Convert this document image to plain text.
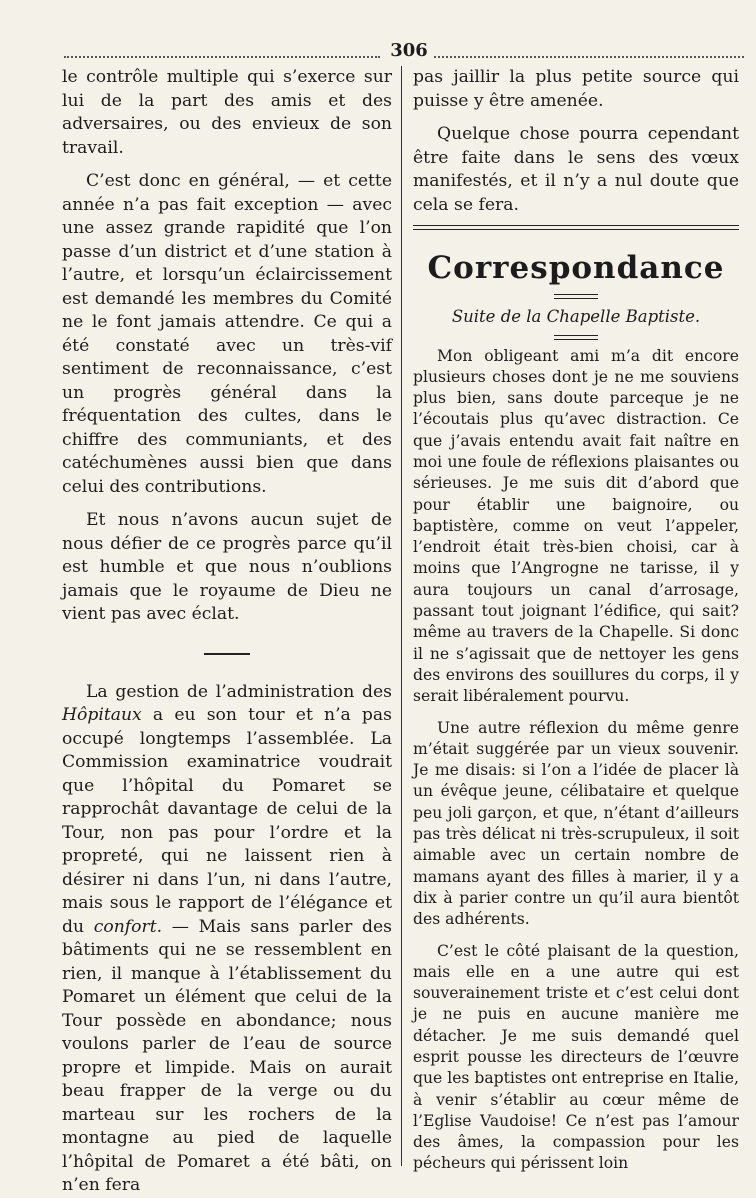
306

le contrôle multiple qui s’exerce sur lui de la part des amis et des adversaires, ou des envieux de son travail.

C’est donc en général, — et cette année n’a pas fait exception — avec une assez grande rapidité que l’on passe d’un district et d’une station à l’autre, et lorsqu’un éclaircissement est demandé les membres du Comité ne le font jamais attendre. Ce qui a été constaté avec un très-vif sentiment de reconnaissance, c’est un progrès général dans la fréquentation des cultes, dans le chiffre des communiants, et des catéchumènes aussi bien que dans celui des contributions.

Et nous n’avons aucun sujet de nous défier de ce progrès parce qu’il est humble et que nous n’oublions jamais que le royaume de Dieu ne vient pas avec éclat.

La gestion de l’administration des Hôpitaux a eu son tour et n’a pas occupé longtemps l’assemblée. La Commission examinatrice voudrait que l’hôpital du Pomaret se rapprochât davantage de celui de la Tour, non pas pour l’ordre et la propreté, qui ne laissent rien à désirer ni dans l’un, ni dans l’autre, mais sous le rapport de l’élégance et du confort. — Mais sans parler des bâtiments qui ne se ressemblent en rien, il manque à l’établissement du Pomaret un élément que celui de la Tour possède en abondance; nous voulons parler de l’eau de source propre et limpide. Mais on aurait beau frapper de la verge ou du marteau sur les rochers de la montagne au pied de laquelle l’hôpital de Pomaret a été bâti, on n’en fera

pas jaillir la plus petite source qui puisse y être amenée.

Quelque chose pourra cependant être faite dans le sens des vœux manifestés, et il n’y a nul doute que cela se fera.

Correspondance
Suite de la Chapelle Baptiste.

Mon obligeant ami m’a dit encore plusieurs choses dont je ne me souviens plus bien, sans doute parceque je ne l’écoutais plus qu’avec distraction. Ce que j’avais entendu avait fait naître en moi une foule de réflexions plaisantes ou sérieuses. Je me suis dit d’abord que pour établir une baignoire, ou baptistère, comme on veut l’appeler, l’endroit était très-bien choisi, car à moins que l’Angrogne ne tarisse, il y aura toujours un canal d’arrosage, passant tout joignant l’édifice, qui sait? même au travers de la Chapelle. Si donc il ne s’agissait que de nettoyer les gens des environs des souillures du corps, il y serait libéralement pourvu.

Une autre réflexion du même genre m’était suggérée par un vieux souvenir. Je me disais: si l’on a l’idée de placer là un évêque jeune, célibataire et quelque peu joli garçon, et que, n’étant d’ailleurs pas très délicat ni très-scrupuleux, il soit aimable avec un certain nombre de mamans ayant des filles à marier, il y a dix à parier contre un qu’il aura bientôt des adhérents.

C’est le côté plaisant de la question, mais elle en a une autre qui est souverainement triste et c’est celui dont je ne puis en aucune manière me détacher. Je me suis demandé quel esprit pousse les directeurs de l’œuvre que les baptistes ont entreprise en Italie, à venir s’établir au cœur même de l’Eglise Vaudoise! Ce n’est pas l’amour des âmes, la compassion pour les pécheurs qui périssent loin
